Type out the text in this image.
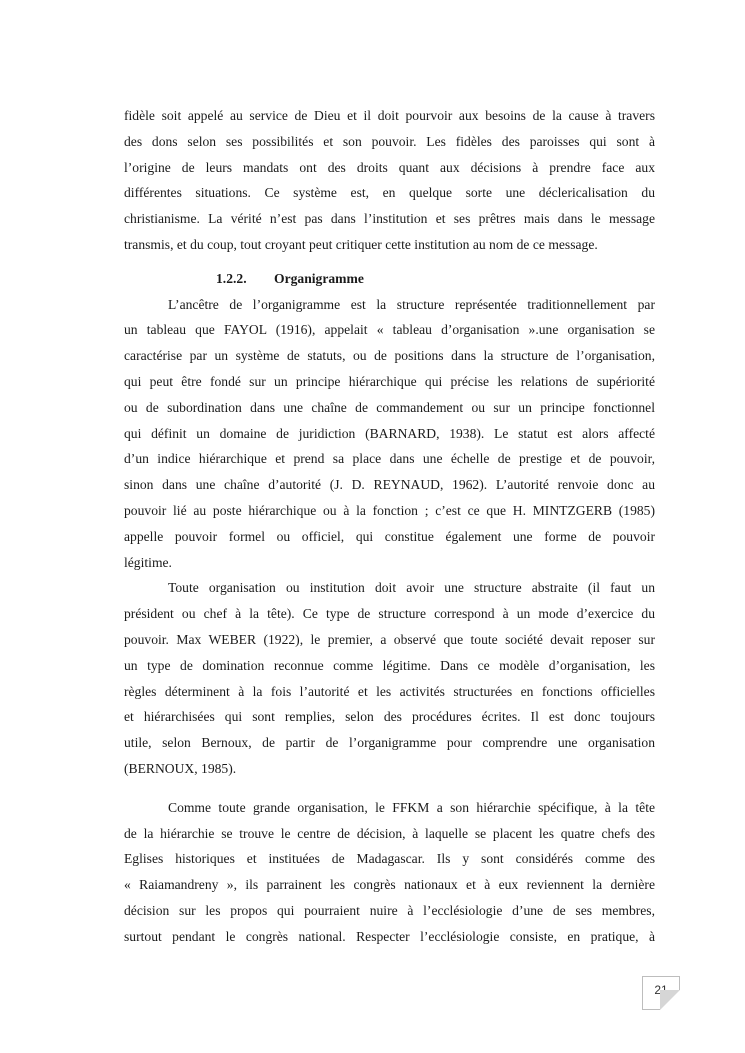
fidèle soit appelé au service de Dieu et il doit pourvoir aux besoins de la cause à travers
des dons selon ses possibilités et son pouvoir. Les fidèles des paroisses qui sont à
l’origine de leurs mandats ont des droits quant aux décisions à prendre face aux
différentes situations. Ce système est, en quelque sorte une déclericalisation du
christianisme. La vérité n’est pas dans l’institution et ses prêtres mais dans le message
transmis, et du coup, tout croyant peut critiquer cette institution au nom de ce message.
1.2.2. Organigramme
L’ancêtre de l’organigramme est la structure représentée traditionnellement par
un tableau que FAYOL (1916), appelait « tableau d’organisation ».une organisation se
caractérise par un système de statuts, ou de positions dans la structure de l’organisation,
qui peut être fondé sur un principe hiérarchique qui précise les relations de supériorité
ou de subordination dans une chaîne de commandement ou sur un principe fonctionnel
qui définit un domaine de juridiction (BARNARD, 1938). Le statut est alors affecté
d’un indice hiérarchique et prend sa place dans une échelle de prestige et de pouvoir,
sinon dans une chaîne d’autorité (J. D. REYNAUD, 1962). L’autorité renvoie donc au
pouvoir lié au poste hiérarchique ou à la fonction ; c’est ce que H. MINTZGERB (1985)
appelle pouvoir formel ou officiel, qui constitue également une forme de pouvoir
légitime.
Toute organisation ou institution doit avoir une structure abstraite (il faut un
président ou chef à la tête). Ce type de structure correspond à un mode d’exercice du
pouvoir. Max WEBER (1922), le premier, a observé que toute société devait reposer sur
un type de domination reconnue comme légitime. Dans ce modèle d’organisation, les
règles déterminent à la fois l’autorité et les activités structurées en fonctions officielles
et hiérarchisées qui sont remplies, selon des procédures écrites. Il est donc toujours
utile, selon Bernoux, de partir de l’organigramme pour comprendre une organisation
(BERNOUX, 1985).
Comme toute grande organisation, le FFKM a son hiérarchie spécifique, à la tête
de la hiérarchie se trouve le centre de décision, à laquelle se placent les quatre chefs des
Eglises historiques et instituées de Madagascar. Ils y sont considérés comme des
« Raiamandreny », ils parrainent les congrès nationaux et à eux reviennent la dernière
décision sur les propos qui pourraient nuire à l’ecclésiologie d’une de ses membres,
surtout pendant le congrès national. Respecter l’ecclésiologie consiste, en pratique, à
21
